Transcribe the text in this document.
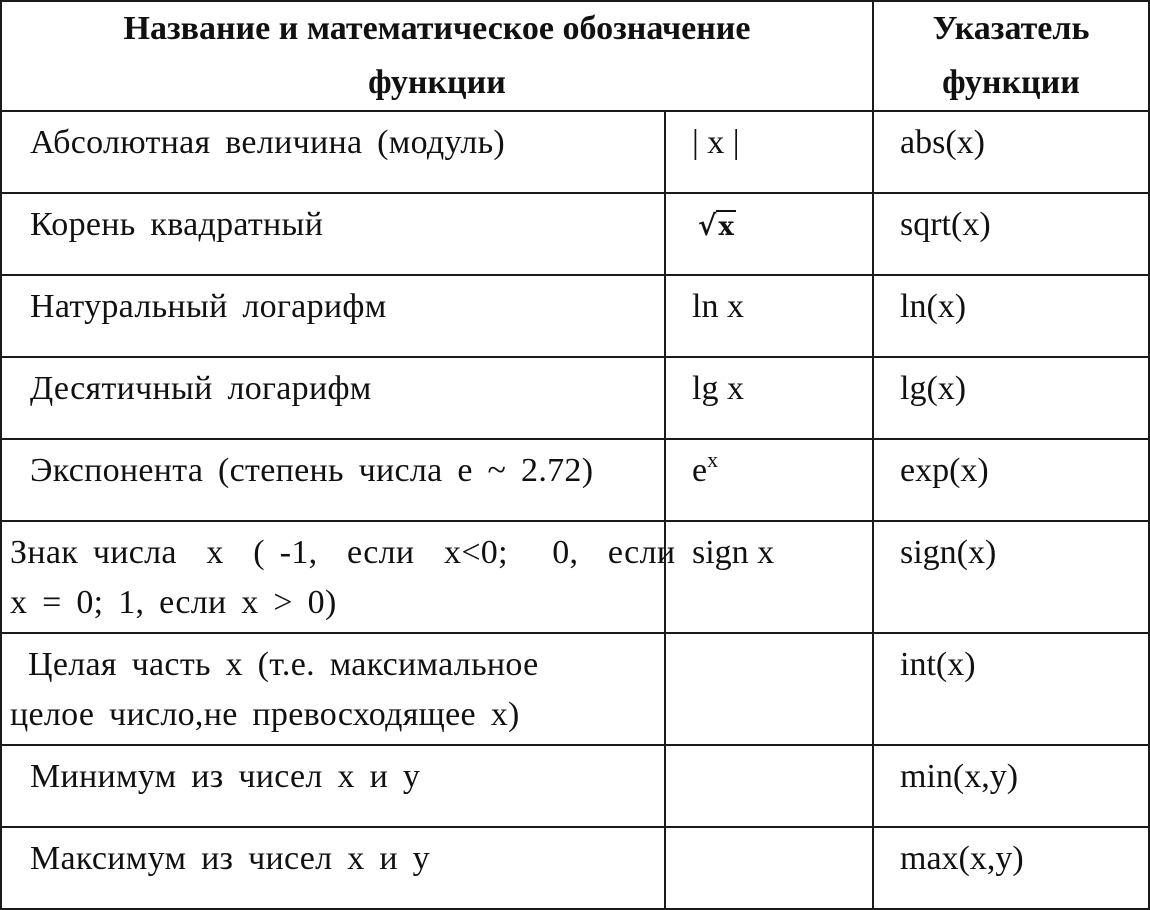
Название и математическое обозначение
функции		Указатель
функции
Абсолютная величина (модуль)	| x |	abs(x)
Корень квадратный	√x	sqrt(x)
Натуральный логарифм	ln x	ln(x)
Десятичный логарифм	lg x	lg(x)
Экспонента (степень числа e ~ 2.72)	$e^x$	exp(x)
Знак числа  x  ( -1,  если  x<0;   0,  если
x = 0; 1, если x > 0)	sign x	sign(x)
Целая часть x (т.е. максимальное
целое число,не превосходящее x)		int(x)
Минимум из чисел x и y		min(x,y)
Максимум из чисел x и y		max(x,y)
